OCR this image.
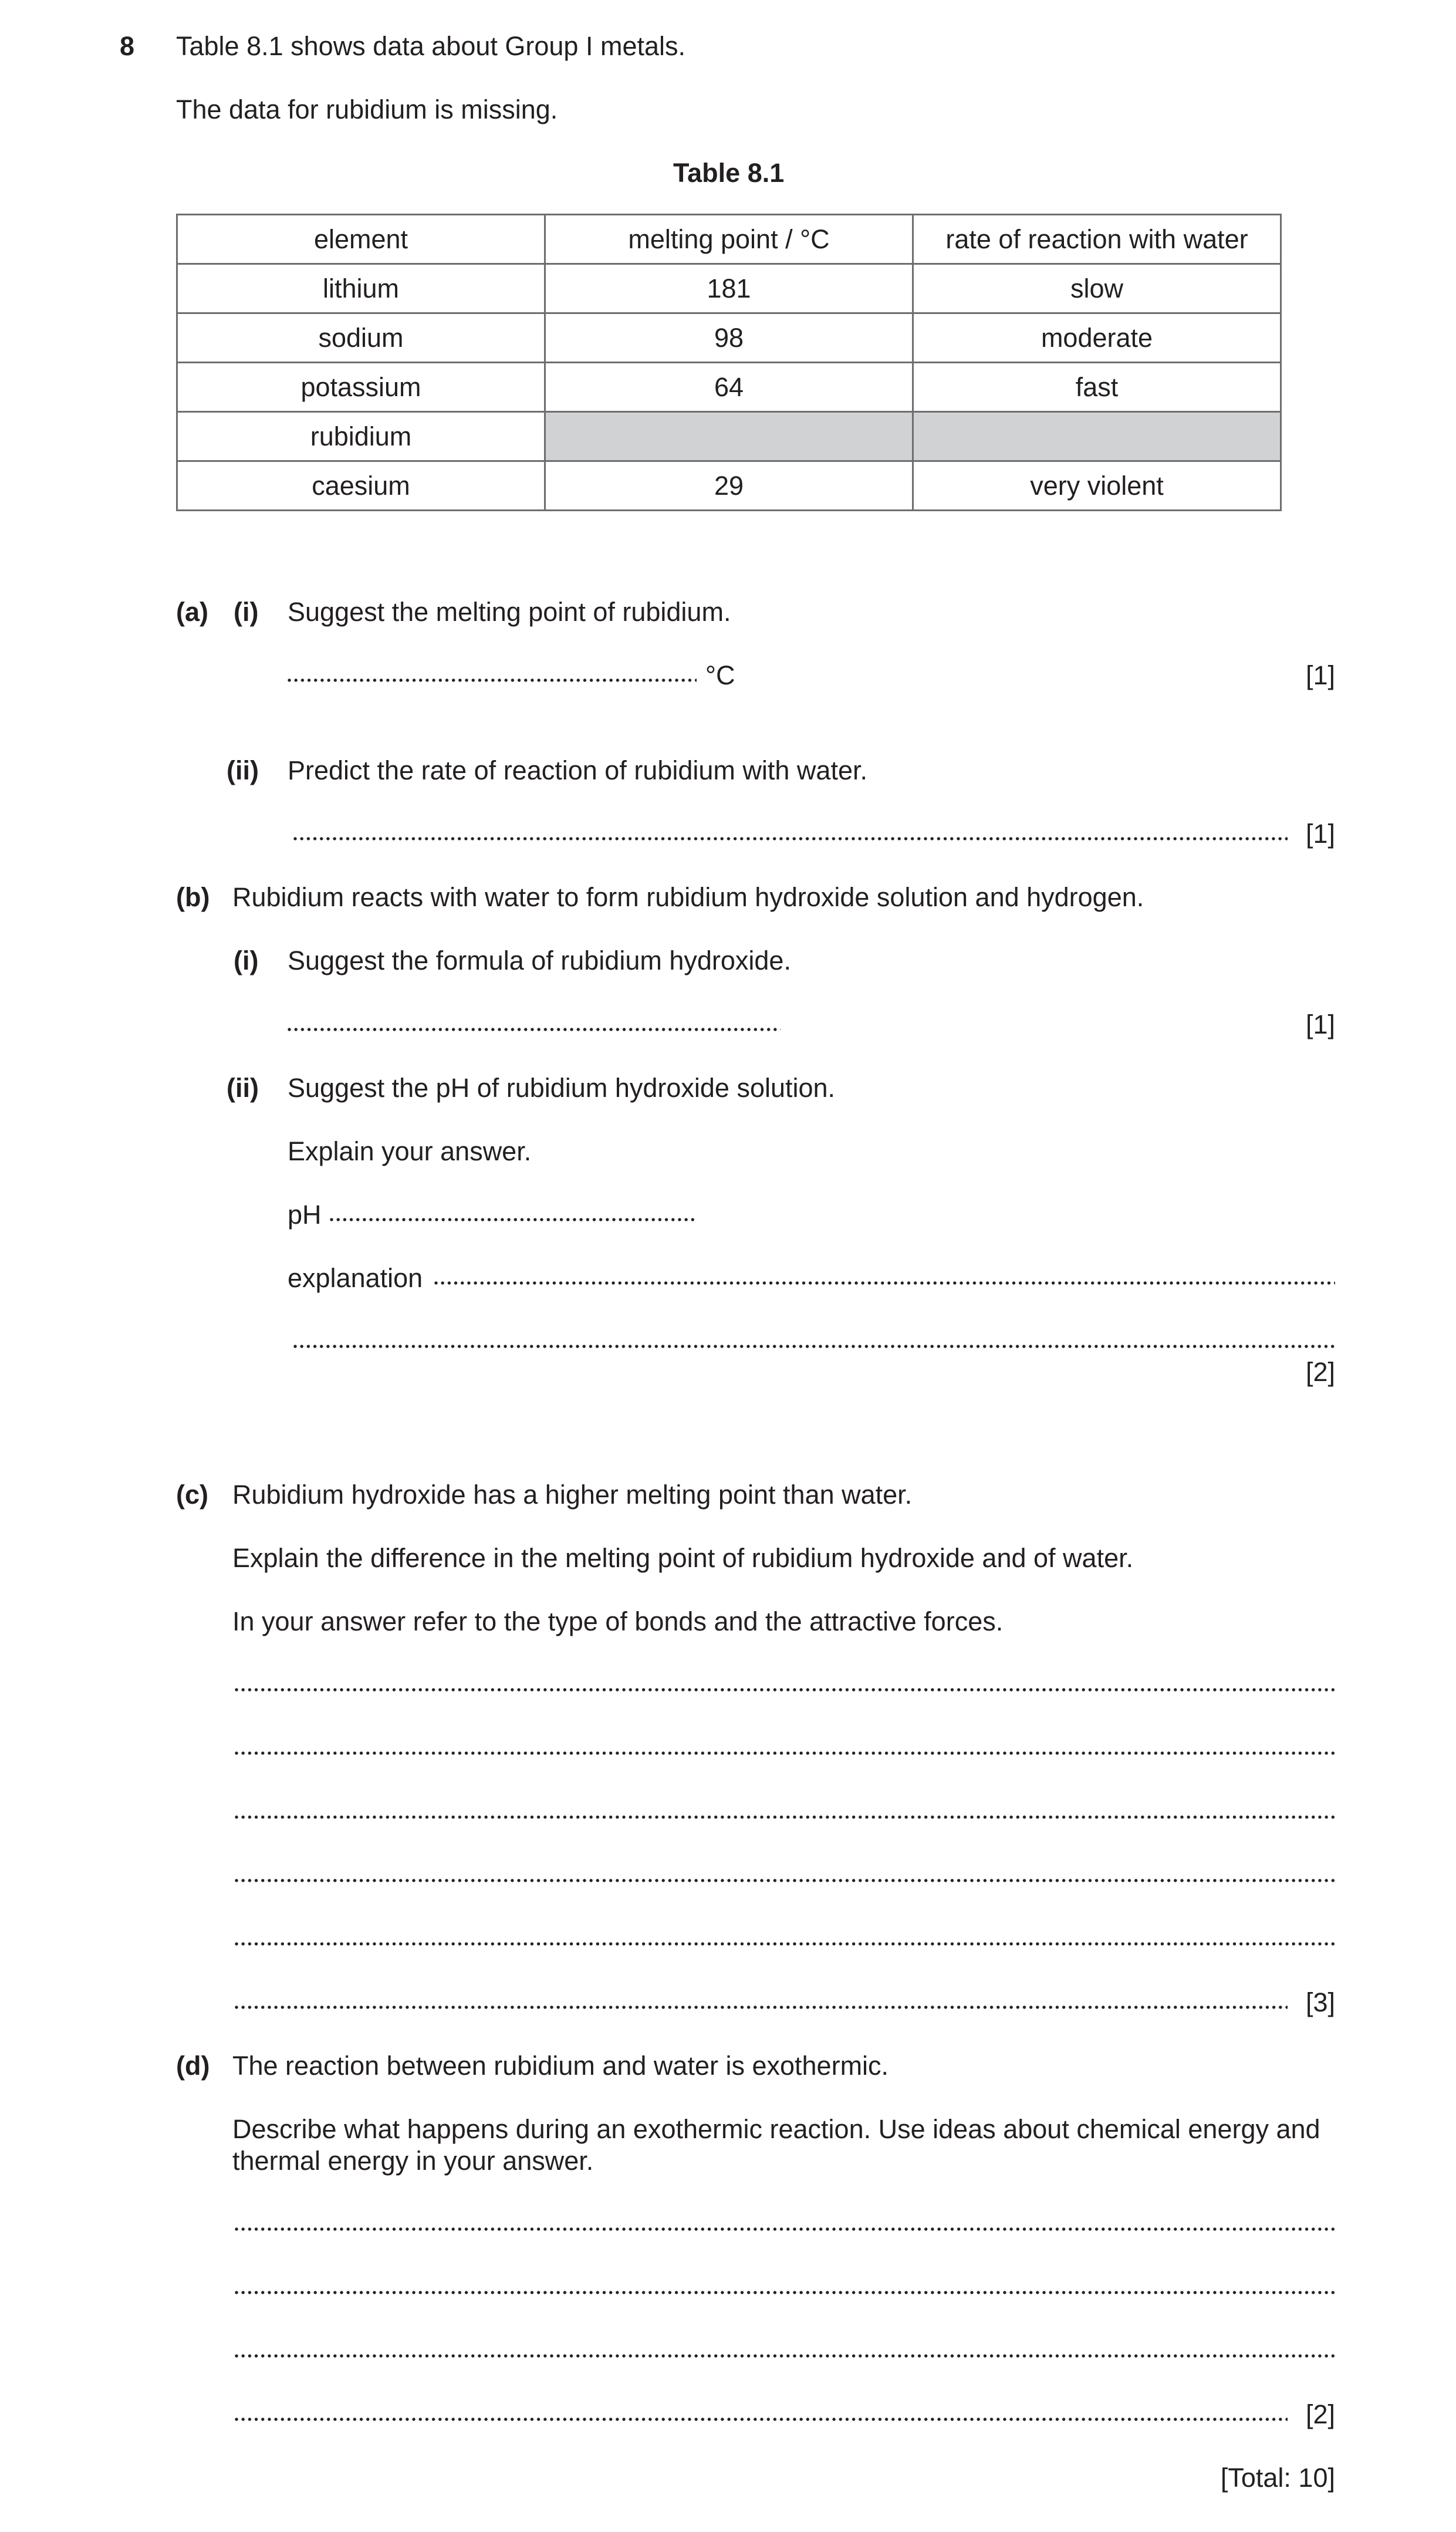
8 Table 8.1 shows data about Group I metals.
The data for rubidium is missing.
Table 8.1
element	melting point / °C	rate of reaction with water
lithium	181	slow
sodium	98	moderate
potassium	64	fast
rubidium		
caesium	29	very violent
(a) (i) Suggest the melting point of rubidium.
°C	[1]
(ii) Predict the rate of reaction of rubidium with water.
[1]
(b) Rubidium reacts with water to form rubidium hydroxide solution and hydrogen.
(i) Suggest the formula of rubidium hydroxide.
[1]
(ii) Suggest the pH of rubidium hydroxide solution.
Explain your answer.
pH
explanation
[2]
(c) Rubidium hydroxide has a higher melting point than water.
Explain the difference in the melting point of rubidium hydroxide and of water.
In your answer refer to the type of bonds and the attractive forces.
[3]
(d) The reaction between rubidium and water is exothermic.
Describe what happens during an exothermic reaction. Use ideas about chemical energy and
thermal energy in your answer.
[2]
[Total: 10]
